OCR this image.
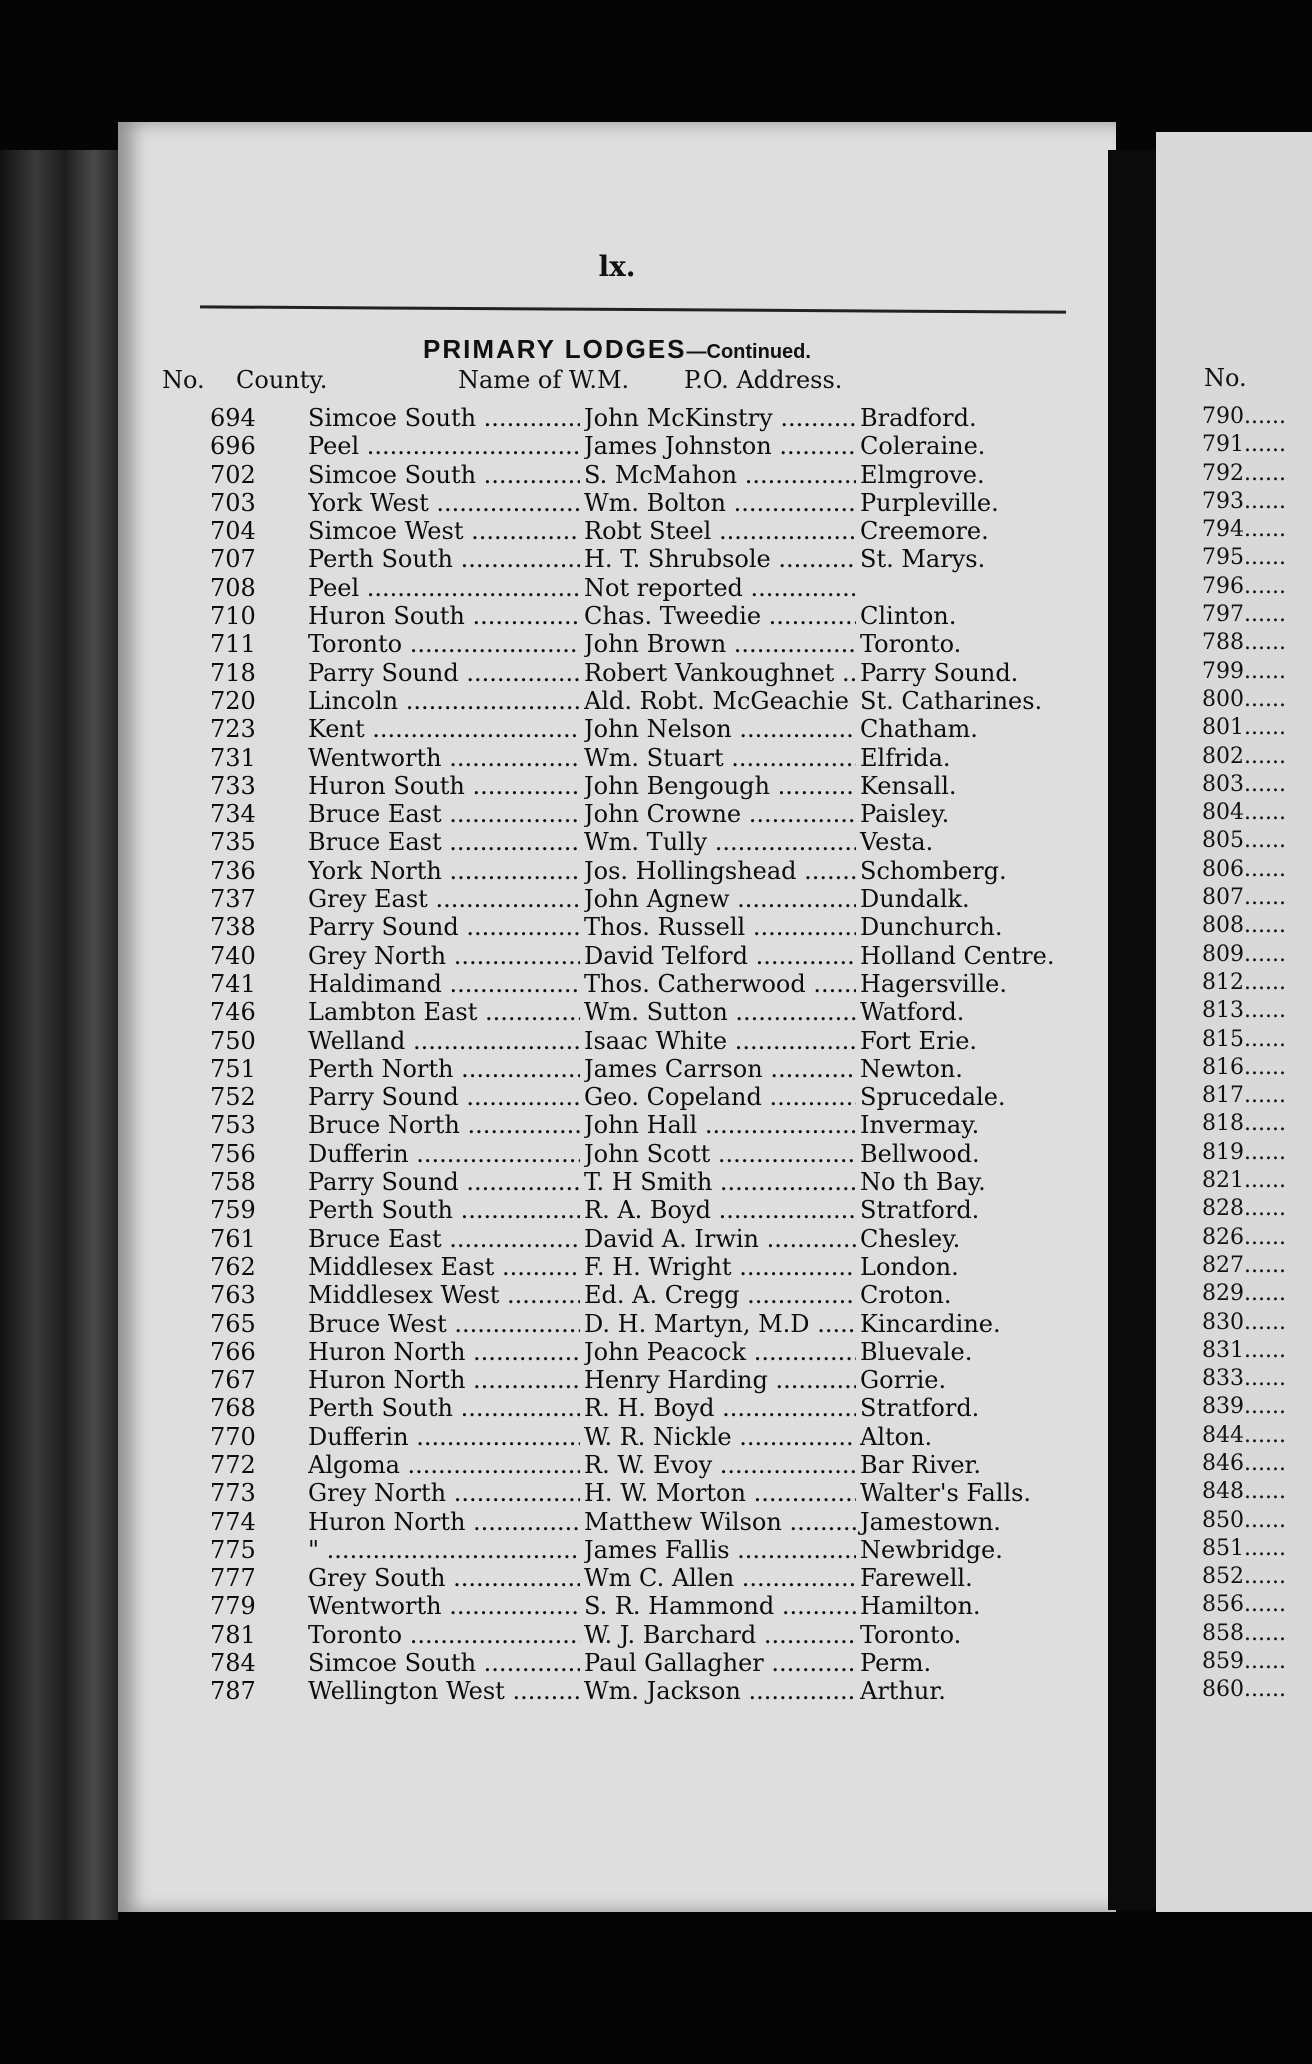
lx.
PRIMARY LODGES—Continued.
No. County.	Name of W.M. P.O. Address.
694	Simcoe South .....	John McKinstry .....	Bradford.
696	Peel .....	James Johnston .....	Coleraine.
702	Simcoe South .....	S. McMahon .....	Elmgrove.
703	York West .....	Wm. Bolton .....	Purpleville.
704	Simcoe West .....	Robt Steel .....	Creemore.
707	Perth South .....	H. T. Shrubsole .....	St. Marys.
708	Peel .....	Not reported .....
710	Huron South .....	Chas. Tweedie .....	Clinton.
711	Toronto .....	John Brown .....	Toronto.
718	Parry Sound .....	Robert Vankoughnet .....	Parry Sound.
720	Lincoln .....	Ald. Robt. McGeachie ..... St. Catharines.
723	Kent .....	John Nelson .....	Chatham.
731	Wentworth .....	Wm. Stuart .....	Elfrida.
733	Huron South .....	John Bengough .....	Kensall.
734	Bruce East .....	John Crowne .....	Paisley.
735	Bruce East .....	Wm. Tully .....	Vesta.
736	York North .....	Jos. Hollingshead .....	Schomberg.
737	Grey East .....	John Agnew .....	Dundalk.
738	Parry Sound .....	Thos. Russell .....	Dunchurch.
740	Grey North .....	David Telford .....	Holland Centre.
741	Haldimand .....	Thos. Catherwood .....	Hagersville.
746	Lambton East .....	Wm. Sutton .....	Watford.
750	Welland .....	Isaac White .....	Fort Erie.
751	Perth North .....	James Carrson .....	Newton.
752	Parry Sound .....	Geo. Copeland .....	Sprucedale.
753	Bruce North .....	John Hall .....	Invermay.
756	Dufferin .....	John Scott .....	Bellwood.
758	Parry Sound .....	T. H Smith .....	No th Bay.
759	Perth South .....	R. A. Boyd .....	Stratford.
761	Bruce East .....	David A. Irwin .....	Chesley.
762	Middlesex East .....	F. H. Wright .....	London.
763	Middlesex West .....	Ed. A. Cregg .....	Croton.
765	Bruce West .....	D. H. Martyn, M.D .....	Kincardine.
766	Huron North .....	John Peacock .....	Bluevale.
767	Huron North .....	Henry Harding .....	Gorrie.
768	Perth South .....	R. H. Boyd .....	Stratford.
770	Dufferin .....	W. R. Nickle .....	Alton.
772	Algoma .....	R. W. Evoy .....	Bar River.
773	Grey North .....	H. W. Morton .....	Walter's Falls.
774	Huron North .....	Matthew Wilson .....	Jamestown.
775	" .....	James Fallis .....	Newbridge.
777	Grey South .....	Wm C. Allen .....	Farewell.
779	Wentworth .....	S. R. Hammond .....	Hamilton.
781	Toronto .....	W. J. Barchard .....	Toronto.
784	Simcoe South .....	Paul Gallagher .....	Perm.
787	Wellington West .....	Wm. Jackson .....	Arthur.
No.
790 ......
791 ......
792 ......
793 ......
794 ......
795 ......
796 ......
797 ......
788 ......
799 ......
800 ......
801 ......
802 ......
803 ......
804 ......
805 ......
806 ......
807 ......
808 ......
809 ......
812 ......
813 ......
815 ......
816 ......
817 ......
818 ......
819 ......
821 ......
828 ......
826 ......
827 ......
829 ......
830 ......
831 ......
833 ......
839 ......
844 ......
846 ......
848 ......
850 ......
851 ......
852 ......
856 ......
858 ......
859 ......
860 ......
